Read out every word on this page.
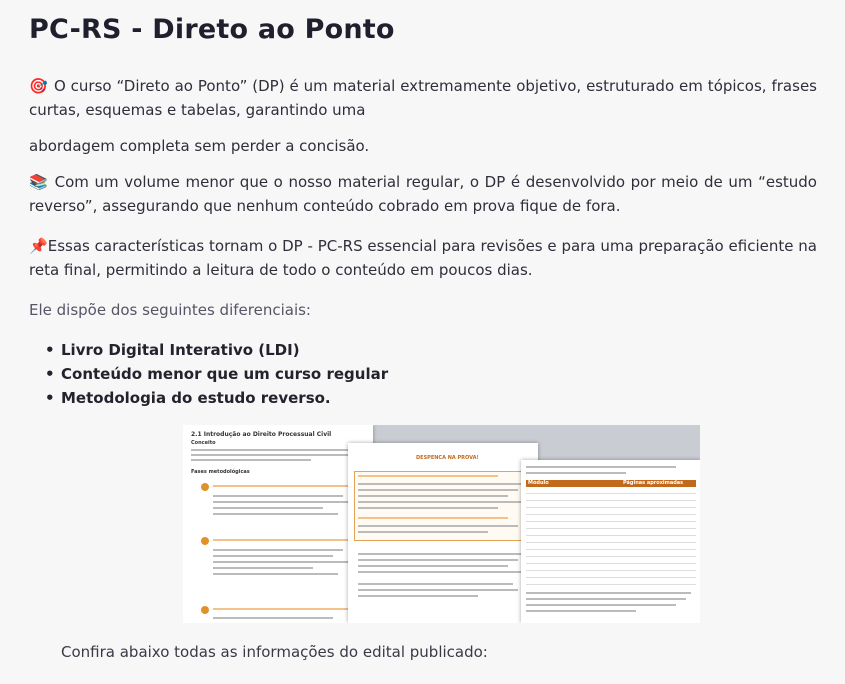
PC-RS - Direto ao Ponto
🎯 O curso “Direto ao Ponto” (DP) é um material extremamente objetivo, estruturado em tópicos, frases curtas, esquemas e tabelas, garantindo uma
abordagem completa sem perder a concisão.
📚 Com um volume menor que o nosso material regular, o DP é desenvolvido por meio de um “estudo reverso”, assegurando que nenhum conteúdo cobrado em prova fique de fora.
📌Essas características tornam o DP - PC-RS essencial para revisões e para uma preparação eficiente na reta final, permitindo a leitura de todo o conteúdo em poucos dias.
Ele dispõe dos seguintes diferenciais:
• Livro Digital Interativo (LDI)
• Conteúdo menor que um curso regular
• Metodologia do estudo reverso.
2.1 Introdução ao Direito Processual Civil
Conceito
Fases metodológicas
DESPENCA NA PROVA!
Módulo	Páginas aproximadas
Confira abaixo todas as informações do edital publicado:
